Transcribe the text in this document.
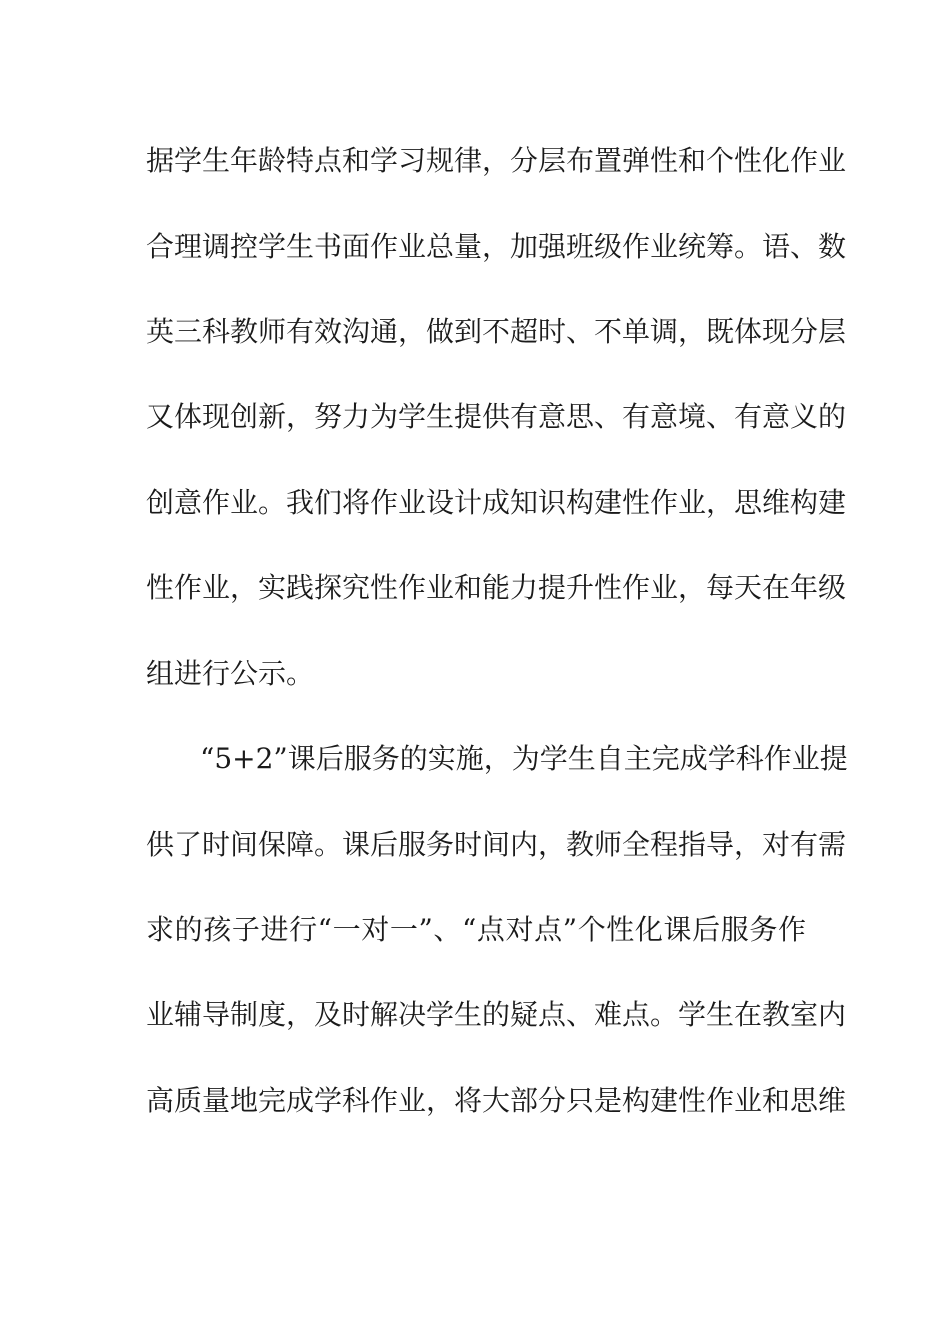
据学生年龄特点和学习规律，分层布置弹性和个性化作业
合理调控学生书面作业总量，加强班级作业统筹。语、数
英三科教师有效沟通，做到不超时、不单调，既体现分层
又体现创新，努力为学生提供有意思、有意境、有意义的
创意作业。我们将作业设计成知识构建性作业，思维构建
性作业，实践探究性作业和能力提升性作业，每天在年级
组进行公示。
“5+2”课后服务的实施，为学生自主完成学科作业提
供了时间保障。课后服务时间内，教师全程指导，对有需
求的孩子进行“一对一”、“点对点”个性化课后服务作
业辅导制度，及时解决学生的疑点、难点。学生在教室内
高质量地完成学科作业，将大部分只是构建性作业和思维
